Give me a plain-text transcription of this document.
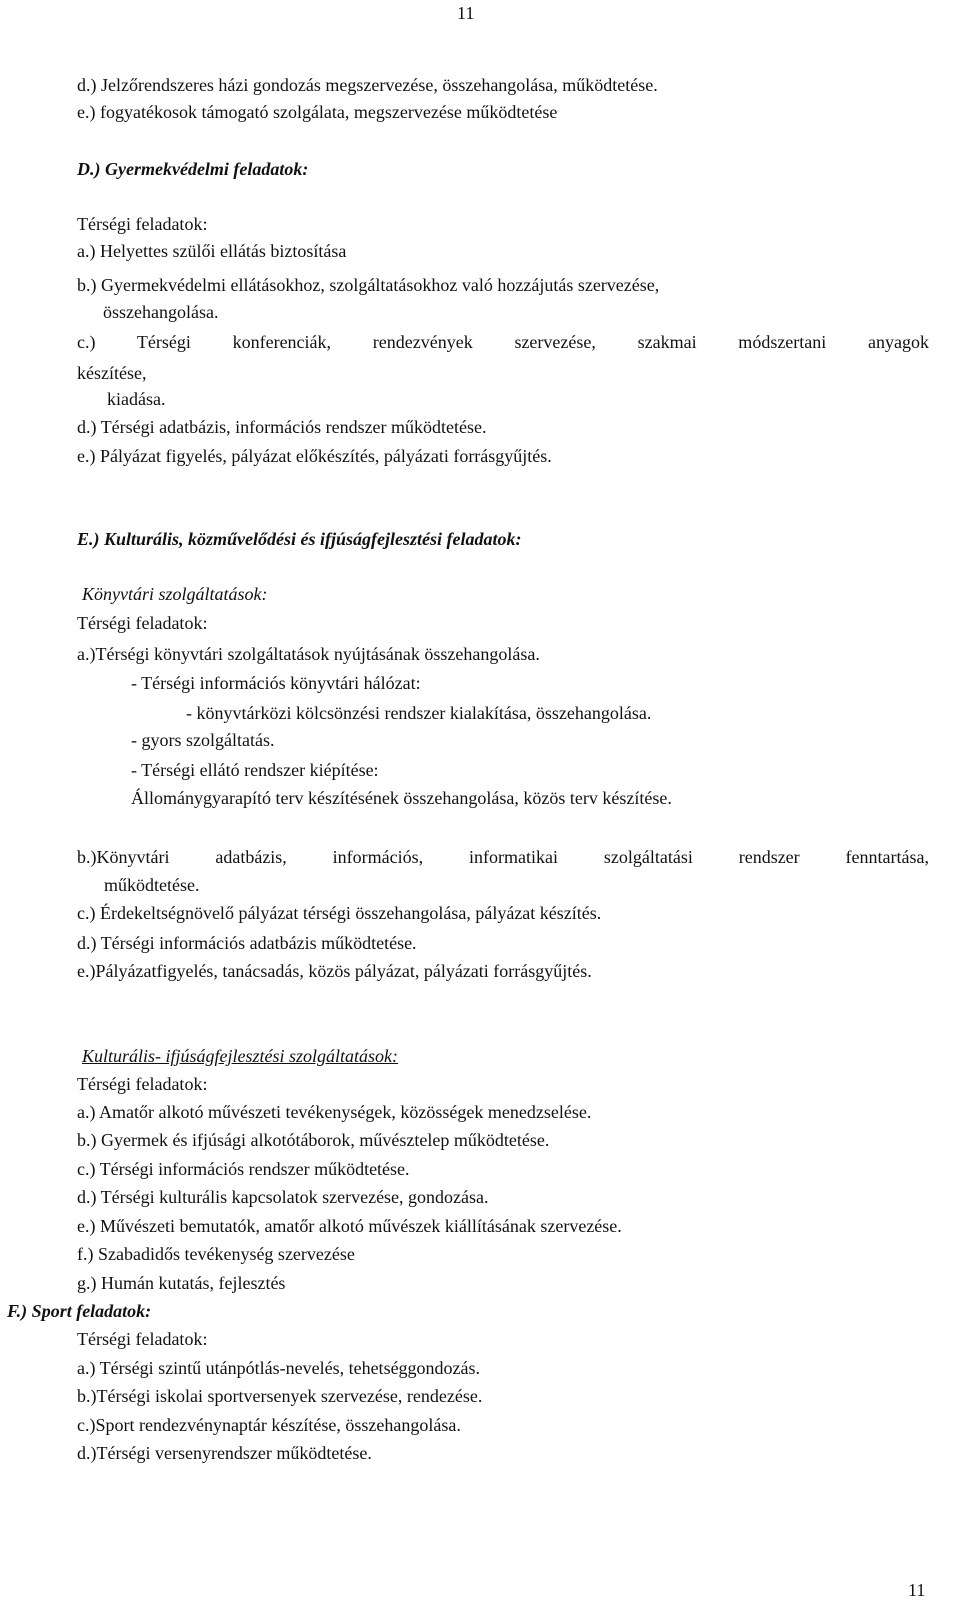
11
d.) Jelzőrendszeres házi gondozás megszervezése, összehangolása, működtetése.
e.) fogyatékosok támogató szolgálata, megszervezése működtetése
D.) Gyermekvédelmi feladatok:
Térségi feladatok:
a.) Helyettes szülői ellátás biztosítása
b.) Gyermekvédelmi ellátásokhoz, szolgáltatásokhoz való hozzájutás szervezése,
összehangolása.
c.) Térségi konferenciák, rendezvények szervezése, szakmai módszertani anyagok
készítése,
kiadása.
d.) Térségi adatbázis, információs rendszer működtetése.
e.) Pályázat figyelés, pályázat előkészítés, pályázati forrásgyűjtés.
E.) Kulturális, közművelődési és ifjúságfejlesztési feladatok:
Könyvtári szolgáltatások:
Térségi feladatok:
a.)Térségi könyvtári szolgáltatások nyújtásának összehangolása.
- Térségi információs könyvtári hálózat:
- könyvtárközi kölcsönzési rendszer kialakítása, összehangolása.
- gyors szolgáltatás.
- Térségi ellátó rendszer kiépítése:
Állománygyarapító terv készítésének összehangolása, közös terv készítése.
b.)Könyvtári adatbázis, információs, informatikai szolgáltatási rendszer fenntartása,
működtetése.
c.) Érdekeltségnövelő pályázat térségi összehangolása, pályázat készítés.
d.) Térségi információs adatbázis működtetése.
e.)Pályázatfigyelés, tanácsadás, közös pályázat, pályázati forrásgyűjtés.
Kulturális- ifjúságfejlesztési szolgáltatások:
Térségi feladatok:
a.) Amatőr alkotó művészeti tevékenységek, közösségek menedzselése.
b.) Gyermek és ifjúsági alkotótáborok, művésztelep működtetése.
c.) Térségi információs rendszer működtetése.
d.) Térségi kulturális kapcsolatok szervezése, gondozása.
e.) Művészeti bemutatók, amatőr alkotó művészek kiállításának szervezése.
f.) Szabadidős tevékenység szervezése
g.) Humán kutatás, fejlesztés
F.) Sport feladatok:
Térségi feladatok:
a.) Térségi szintű utánpótlás-nevelés, tehetséggondozás.
b.)Térségi iskolai sportversenyek szervezése, rendezése.
c.)Sport rendezvénynaptár készítése, összehangolása.
d.)Térségi versenyrendszer működtetése.
11
